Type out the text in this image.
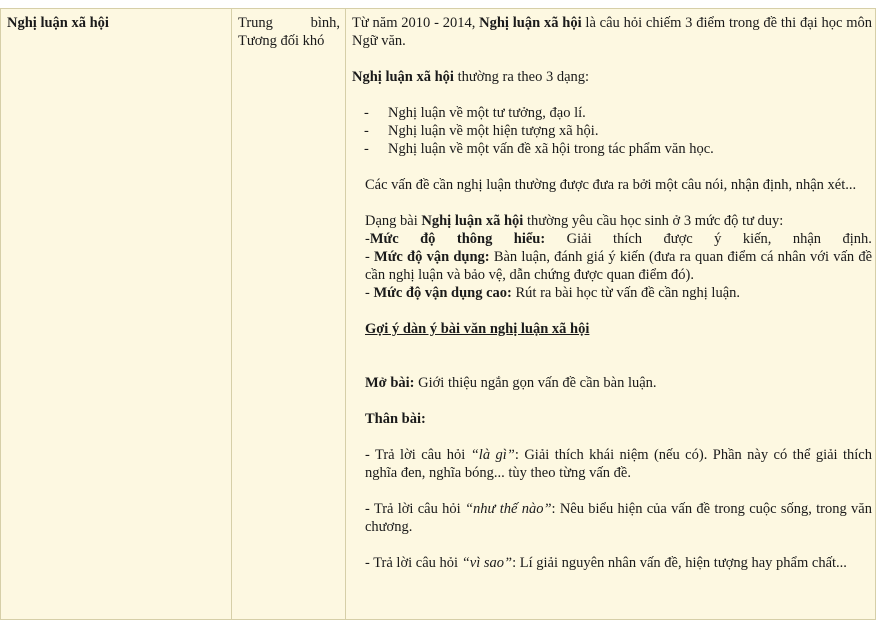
Nghị luận xã hội	Trung	bình,
Tương đối khó

Từ năm 2010 - 2014, Nghị luận xã hội là câu hỏi chiếm 3 điểm trong đề thi đại học môn Ngữ văn.

Nghị luận xã hội thường ra theo 3 dạng:

- Nghị luận về một tư tưởng, đạo lí.
- Nghị luận về một hiện tượng xã hội.
- Nghị luận về một vấn đề xã hội trong tác phẩm văn học.

Các vấn đề cần nghị luận thường được đưa ra bởi một câu nói, nhận định, nhận xét...

Dạng bài Nghị luận xã hội thường yêu cầu học sinh ở 3 mức độ tư duy:
-Mức độ thông hiểu: Giải thích được ý kiến, nhận định.
- Mức độ vận dụng: Bàn luận, đánh giá ý kiến (đưa ra quan điểm cá nhân với vấn đề cần nghị luận và bảo vệ, dẫn chứng được quan điểm đó).
- Mức độ vận dụng cao: Rút ra bài học từ vấn đề cần nghị luận.

Gợi ý dàn ý bài văn nghị luận xã hội

Mở bài: Giới thiệu ngắn gọn vấn đề cần bàn luận.

Thân bài:

- Trả lời câu hỏi “là gì”: Giải thích khái niệm (nếu có). Phần này có thể giải thích nghĩa đen, nghĩa bóng... tùy theo từng vấn đề.

- Trả lời câu hỏi “như thế nào”: Nêu biểu hiện của vấn đề trong cuộc sống, trong văn chương.

- Trả lời câu hỏi “vì sao”: Lí giải nguyên nhân vấn đề, hiện tượng hay phẩm chất...
